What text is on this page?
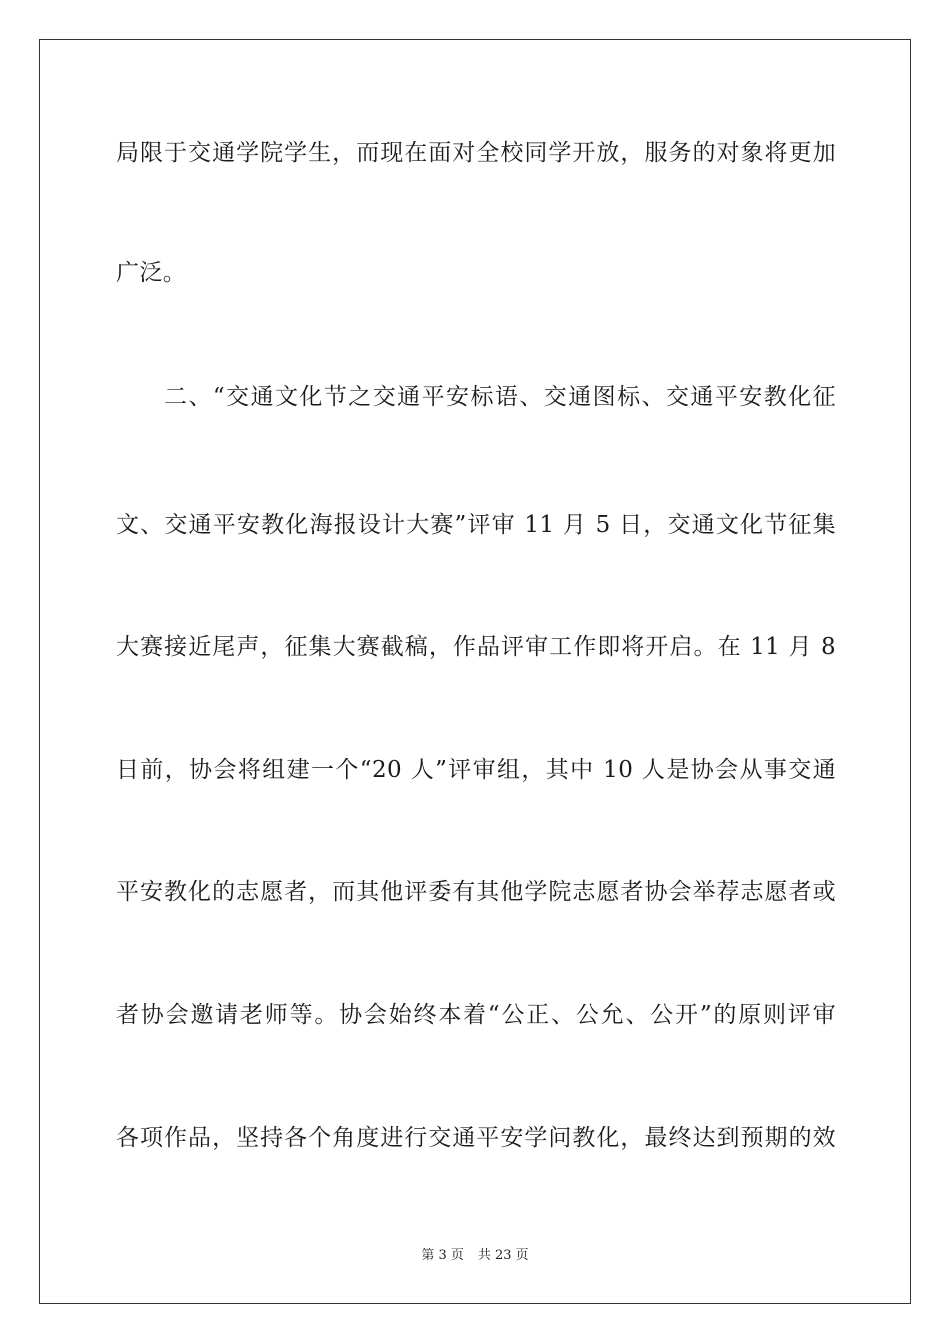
局限于交通学院学生，而现在面对全校同学开放，服务的对象将更加
广泛。
二、“交通文化节之交通平安标语、交通图标、交通平安教化征
文、交通平安教化海报设计大赛”评审 11 月 5 日，交通文化节征集
大赛接近尾声，征集大赛截稿，作品评审工作即将开启。在 11 月 8
日前，协会将组建一个“20 人”评审组，其中 10 人是协会从事交通
平安教化的志愿者，而其他评委有其他学院志愿者协会举荐志愿者或
者协会邀请老师等。协会始终本着“公正、公允、公开”的原则评审
各项作品，坚持各个角度进行交通平安学问教化，最终达到预期的效
第 3 页 共 23 页
